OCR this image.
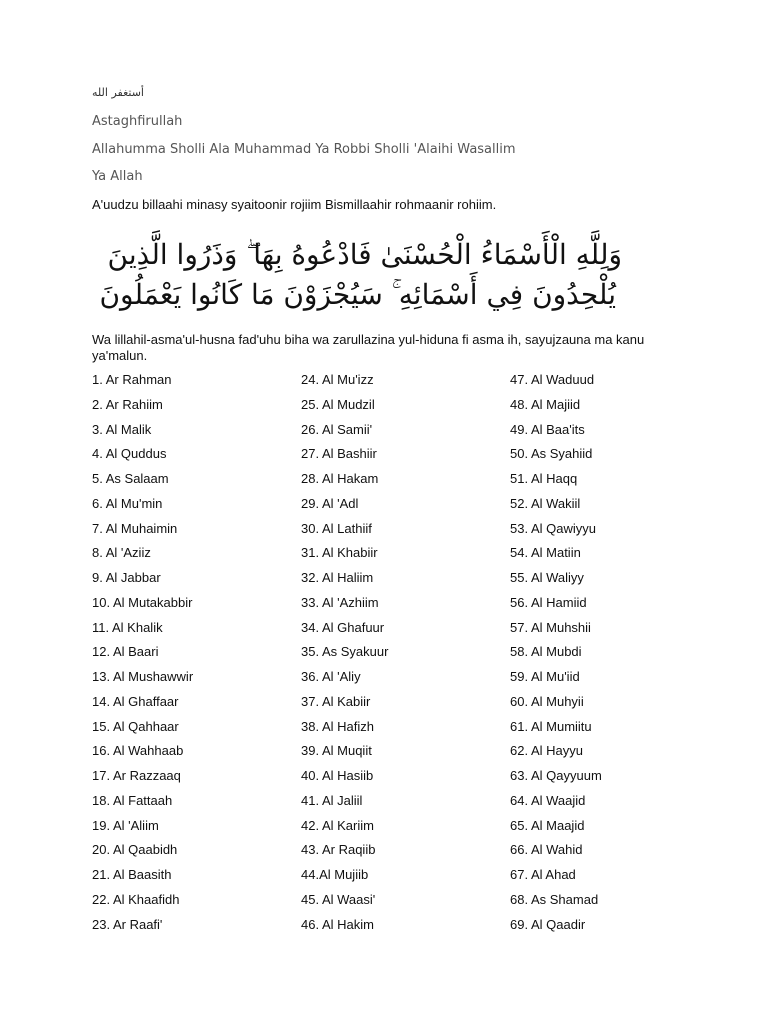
أستغفر الله
Astaghfirullah
Allahumma Sholli Ala Muhammad Ya Robbi Sholli 'Alaihi Wasallim
Ya Allah
A'uudzu billaahi minasy syaitoonir rojiim Bismillaahir rohmaanir rohiim.
وَلِلَّهِ الْأَسْمَاءُ الْحُسْنَىٰ فَادْعُوهُ بِهَا ۖ وَذَرُوا الَّذِينَ
يُلْحِدُونَ فِي أَسْمَائِهِ ۚ سَيُجْزَوْنَ مَا كَانُوا يَعْمَلُونَ
Wa lillahil-asma'ul-husna fad'uhu biha wa zarullazina yul-hiduna fi asma ih, sayujzauna ma kanu ya'malun.
1. Ar Rahman
2. Ar Rahiim
3. Al Malik
4. Al Quddus
5. As Salaam
6. Al Mu'min
7. Al Muhaimin
8. Al 'Aziiz
9. Al Jabbar
10. Al Mutakabbir
11. Al Khalik
12. Al Baari
13. Al Mushawwir
14. Al Ghaffaar
15. Al Qahhaar
16. Al Wahhaab
17. Ar Razzaaq
18. Al Fattaah
19. Al 'Aliim
20. Al Qaabidh
21. Al Baasith
22. Al Khaafidh
23. Ar Raafi'
24. Al Mu'izz
25. Al Mudzil
26. Al Samii'
27. Al Bashiir
28. Al Hakam
29. Al 'Adl
30. Al Lathiif
31. Al Khabiir
32. Al Haliim
33. Al 'Azhiim
34. Al Ghafuur
35. As Syakuur
36. Al 'Aliy
37. Al Kabiir
38. Al Hafizh
39. Al Muqiit
40. Al Hasiib
41. Al Jaliil
42. Al Kariim
43. Ar Raqiib
44.Al Mujiib
45. Al Waasi'
46. Al Hakim
47. Al Waduud
48. Al Majiid
49. Al Baa'its
50. As Syahiid
51. Al Haqq
52. Al Wakiil
53. Al Qawiyyu
54. Al Matiin
55. Al Waliyy
56. Al Hamiid
57. Al Muhshii
58. Al Mubdi
59. Al Mu'iid
60. Al Muhyii
61. Al Mumiitu
62. Al Hayyu
63. Al Qayyuum
64. Al Waajid
65. Al Maajid
66. Al Wahid
67. Al Ahad
68. As Shamad
69. Al Qaadir
